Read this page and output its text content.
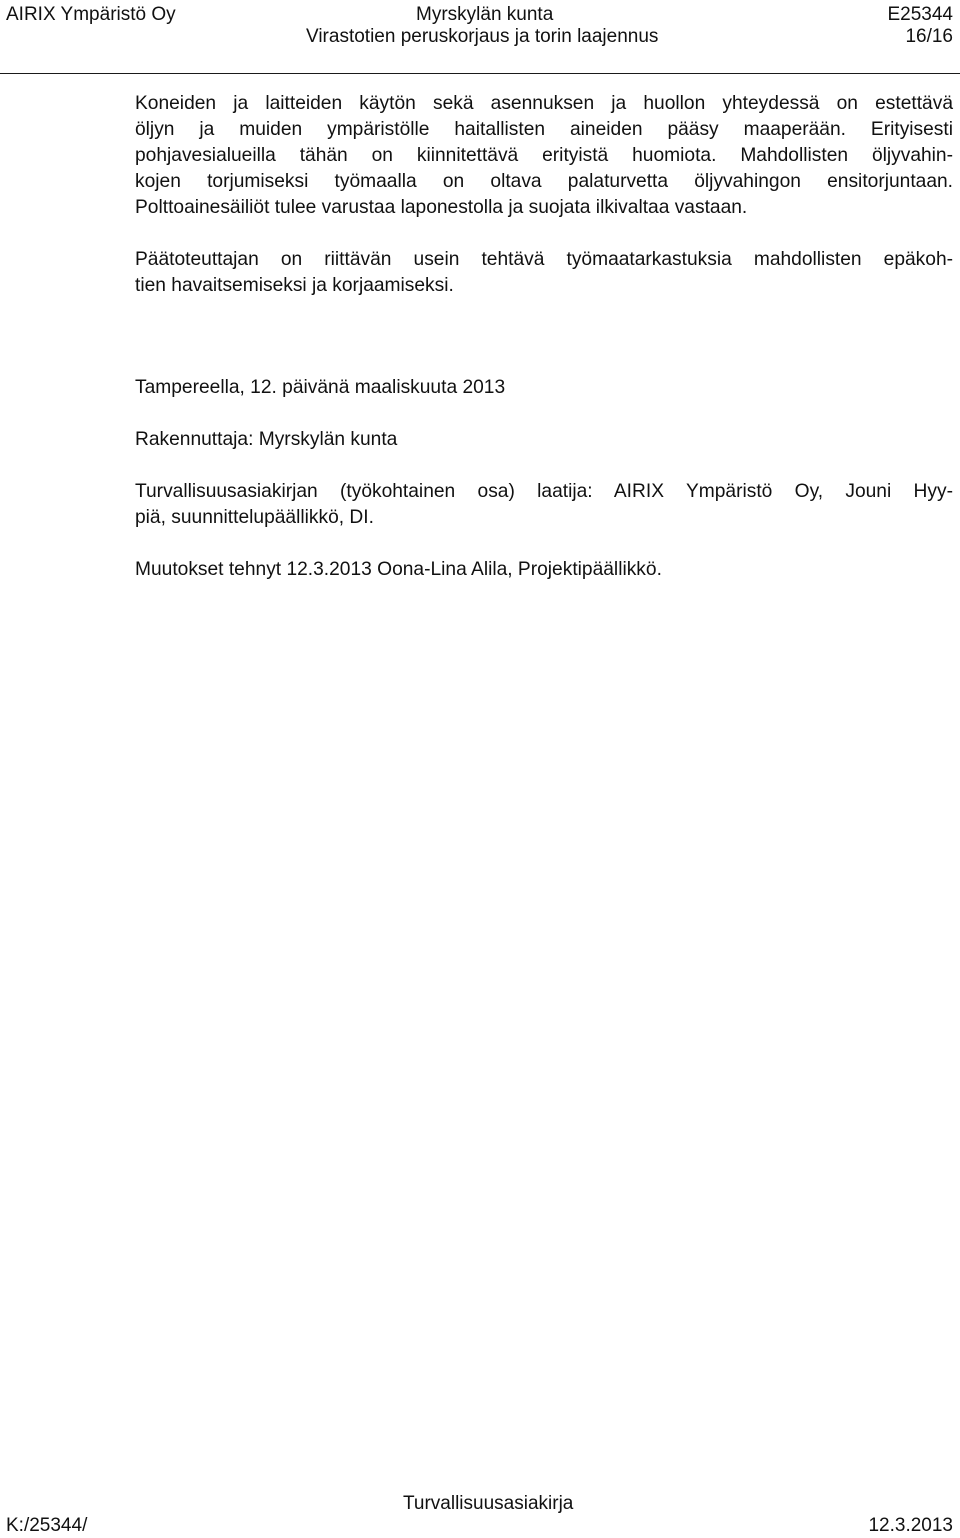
AIRIX Ympäristö Oy	Myrskylän kunta	E25344
Virastotien peruskorjaus ja torin laajennus	16/16
Koneiden ja laitteiden käytön sekä asennuksen ja huollon yhteydessä on estettävä
öljyn ja muiden ympäristölle haitallisten aineiden pääsy maaperään. Erityisesti
pohjavesialueilla tähän on kiinnitettävä erityistä huomiota. Mahdollisten öljyvahin-
kojen torjumiseksi työmaalla on oltava palaturvetta öljyvahingon ensitorjuntaan.
Polttoainesäiliöt tulee varustaa laponestolla ja suojata ilkivaltaa vastaan.
Päätoteuttajan on riittävän usein tehtävä työmaatarkastuksia mahdollisten epäkoh-
tien havaitsemiseksi ja korjaamiseksi.
Tampereella, 12. päivänä maaliskuuta 2013
Rakennuttaja: Myrskylän kunta
Turvallisuusasiakirjan (työkohtainen osa) laatija: AIRIX Ympäristö Oy, Jouni Hyy-
piä, suunnittelupäällikkö, DI.
Muutokset tehnyt 12.3.2013 Oona-Lina Alila, Projektipäällikkö.
Turvallisuusasiakirja
K:/25344/	12.3.2013
